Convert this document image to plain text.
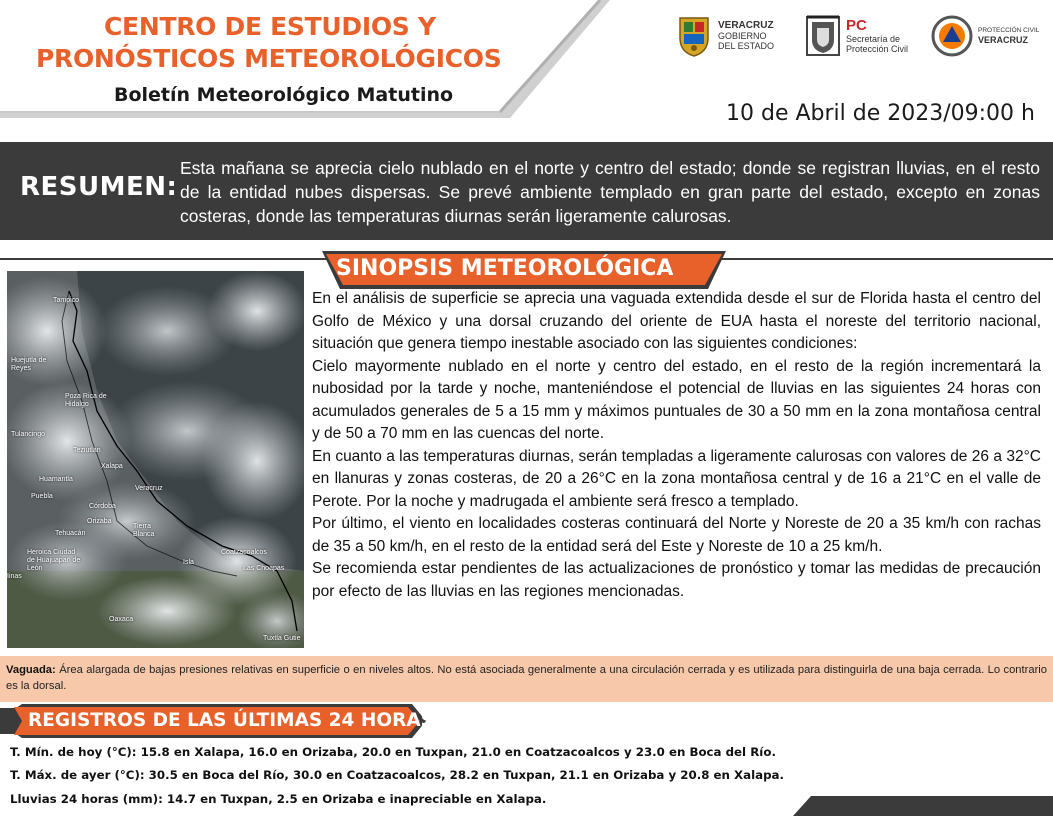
CENTRO DE ESTUDIOS Y
PRONÓSTICOS METEOROLÓGICOS
Boletín Meteorológico Matutino
10 de Abril de 2023/09:00 h
VERACRUZ
GOBIERNO
DEL ESTADO
PC
Secretaría de
Protección Civil
PROTECCIÓN CIVIL
VERACRUZ
RESUMEN:
Esta mañana se aprecia cielo nublado en el norte y centro del estado; donde se registran lluvias, en el resto de la entidad nubes dispersas. Se prevé ambiente templado en gran parte del estado, excepto en zonas costeras, donde las temperaturas diurnas serán ligeramente calurosas.
SINOPSIS METEOROLÓGICA
Tampico
Huejutla de Reyes
Poza Rica de Hidalgo
Tulancingo
Teziutlán
Xalapa
Huamantla
Veracruz
Puebla
Córdoba
Orizaba
Tehuacán
Tierra Blanca
Heroica Ciudad de Huajuapan de León
Coatzacoalcos
Las Choapas
Isla
Oaxaca
Tuxtla Gutie
Iinas

En el análisis de superficie se aprecia una vaguada extendida desde el sur de Florida hasta el centro del Golfo de México y una dorsal cruzando del oriente de EUA hasta el noreste del territorio nacional, situación que genera tiempo inestable asociado con las siguientes condiciones:

Cielo mayormente nublado en el norte y centro del estado, en el resto de la región incrementará la nubosidad por la tarde y noche, manteniéndose el potencial de lluvias en las siguientes 24 horas con acumulados generales de 5 a 15 mm y máximos puntuales de 30 a 50 mm en la zona montañosa central y de 50 a 70 mm en las cuencas del norte.

En cuanto a las temperaturas diurnas, serán templadas a ligeramente calurosas con valores de 26 a 32°C en llanuras y zonas costeras, de 20 a 26°C en la zona montañosa central y de 16 a 21°C en el valle de Perote. Por la noche y madrugada el ambiente será fresco a templado.

Por último, el viento en localidades costeras continuará del Norte y Noreste de 20 a 35 km/h con rachas de 35 a 50 km/h, en el resto de la entidad será del Este y Noreste de 10 a 25 km/h.

Se recomienda estar pendientes de las actualizaciones de pronóstico y tomar las medidas de precaución por efecto de las lluvias en las regiones mencionadas.

Vaguada: Área alargada de bajas presiones relativas en superficie o en niveles altos. No está asociada generalmente a una circulación cerrada y es utilizada para distinguirla de una baja cerrada. Lo contrario es la dorsal.
REGISTROS DE LAS ÚLTIMAS 24 HORAS
T. Mín. de hoy (°C): 15.8 en Xalapa, 16.0 en Orizaba, 20.0 en Tuxpan, 21.0 en Coatzacoalcos y 23.0 en Boca del Río.
T. Máx. de ayer (°C): 30.5 en Boca del Río, 30.0 en Coatzacoalcos, 28.2 en Tuxpan, 21.1 en Orizaba y 20.8 en Xalapa.
Lluvias 24 horas (mm): 14.7 en Tuxpan, 2.5 en Orizaba e inapreciable en Xalapa.
